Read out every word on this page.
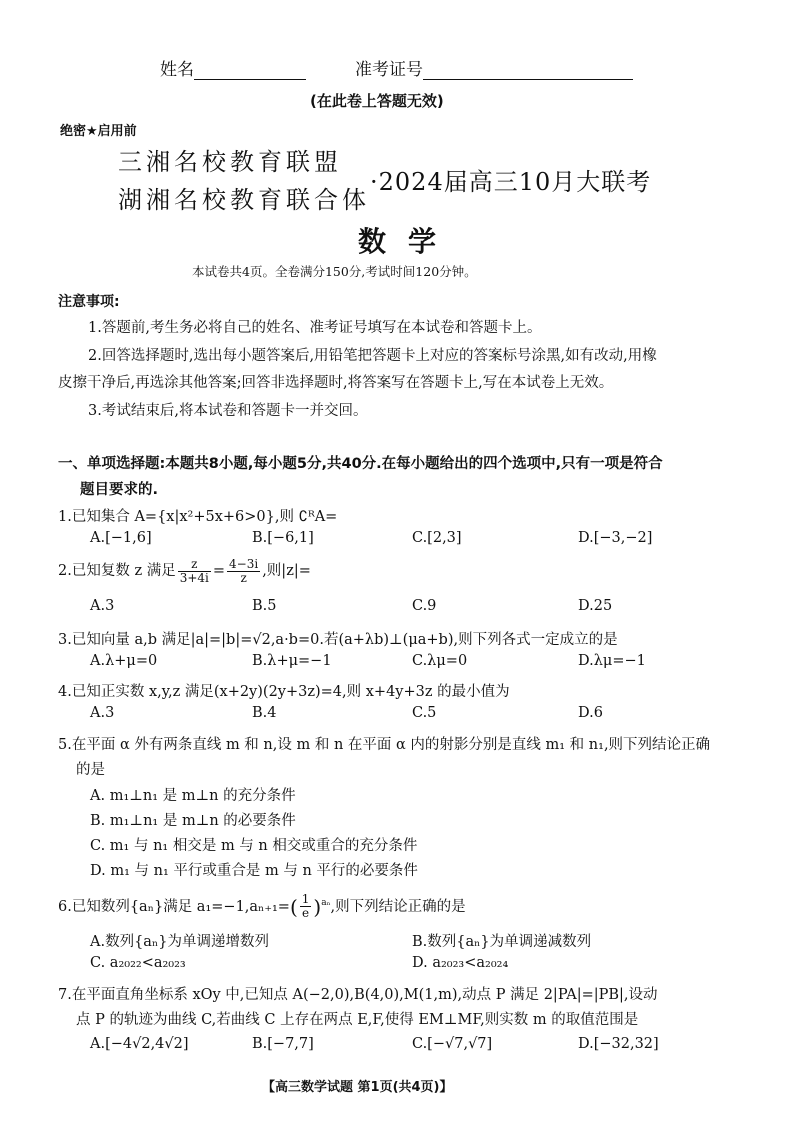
姓名	准考证号
(在此卷上答题无效)
绝密★启用前
三湘名校教育联盟
湖湘名校教育联合体
·2024届高三10月大联考
数学
本试卷共4页。全卷满分150分,考试时间120分钟。
注意事项:
1.答题前,考生务必将自己的姓名、准考证号填写在本试卷和答题卡上。
2.回答选择题时,选出每小题答案后,用铅笔把答题卡上对应的答案标号涂黑,如有改动,用橡
皮擦干净后,再选涂其他答案;回答非选择题时,将答案写在答题卡上,写在本试卷上无效。
3.考试结束后,将本试卷和答题卡一并交回。
一、单项选择题:本题共8小题,每小题5分,共40分.在每小题给出的四个选项中,只有一项是符合
题目要求的.
1.已知集合 A={x|x²+5x+6>0},则 ∁ᴿA=
A.[−1,6]	B.[−6,1]	C.[2,3]	D.[−3,−2]
2.已知复数 z 满足 $\frac{z}{3+4i} = \frac{4-3i}{z}$ ,则|z|=
A.3	B.5	C.9	D.25
3.已知向量 a,b 满足|a|=|b|=√2,a·b=0.若(a+λb)⊥(μa+b),则下列各式一定成立的是
A.λ+μ=0	B.λ+μ=−1	C.λμ=0	D.λμ=−1
4.已知正实数 x,y,z 满足(x+2y)(2y+3z)=4,则 x+4y+3z 的最小值为
A.3	B.4	C.5	D.6
5.在平面 α 外有两条直线 m 和 n,设 m 和 n 在平面 α 内的射影分别是直线 m₁ 和 n₁,则下列结论正确
的是
A. m₁⊥n₁ 是 m⊥n 的充分条件
B. m₁⊥n₁ 是 m⊥n 的必要条件
C. m₁ 与 n₁ 相交是 m 与 n 相交或重合的充分条件
D. m₁ 与 n₁ 平行或重合是 m 与 n 平行的必要条件
6.已知数列{aₙ}满足 $a_1=-1,a_{n+1}=( \frac{1}{e} )^{a_n}$,则下列结论正确的是
A.数列{aₙ}为单调递增数列	B.数列{aₙ}为单调递减数列
C. a₂₀₂₂<a₂₀₂₃	D. a₂₀₂₃<a₂₀₂₄
7.在平面直角坐标系 xOy 中,已知点 A(−2,0),B(4,0),M(1,m),动点 P 满足 2|PA|=|PB|,设动
点 P 的轨迹为曲线 C,若曲线 C 上存在两点 E,F,使得 EM⊥MF,则实数 m 的取值范围是
A.[−4√2,4√2]	B.[−7,7]	C.[−√7,√7]	D.[−32,32]
【高三数学试题 第1页(共4页)】
